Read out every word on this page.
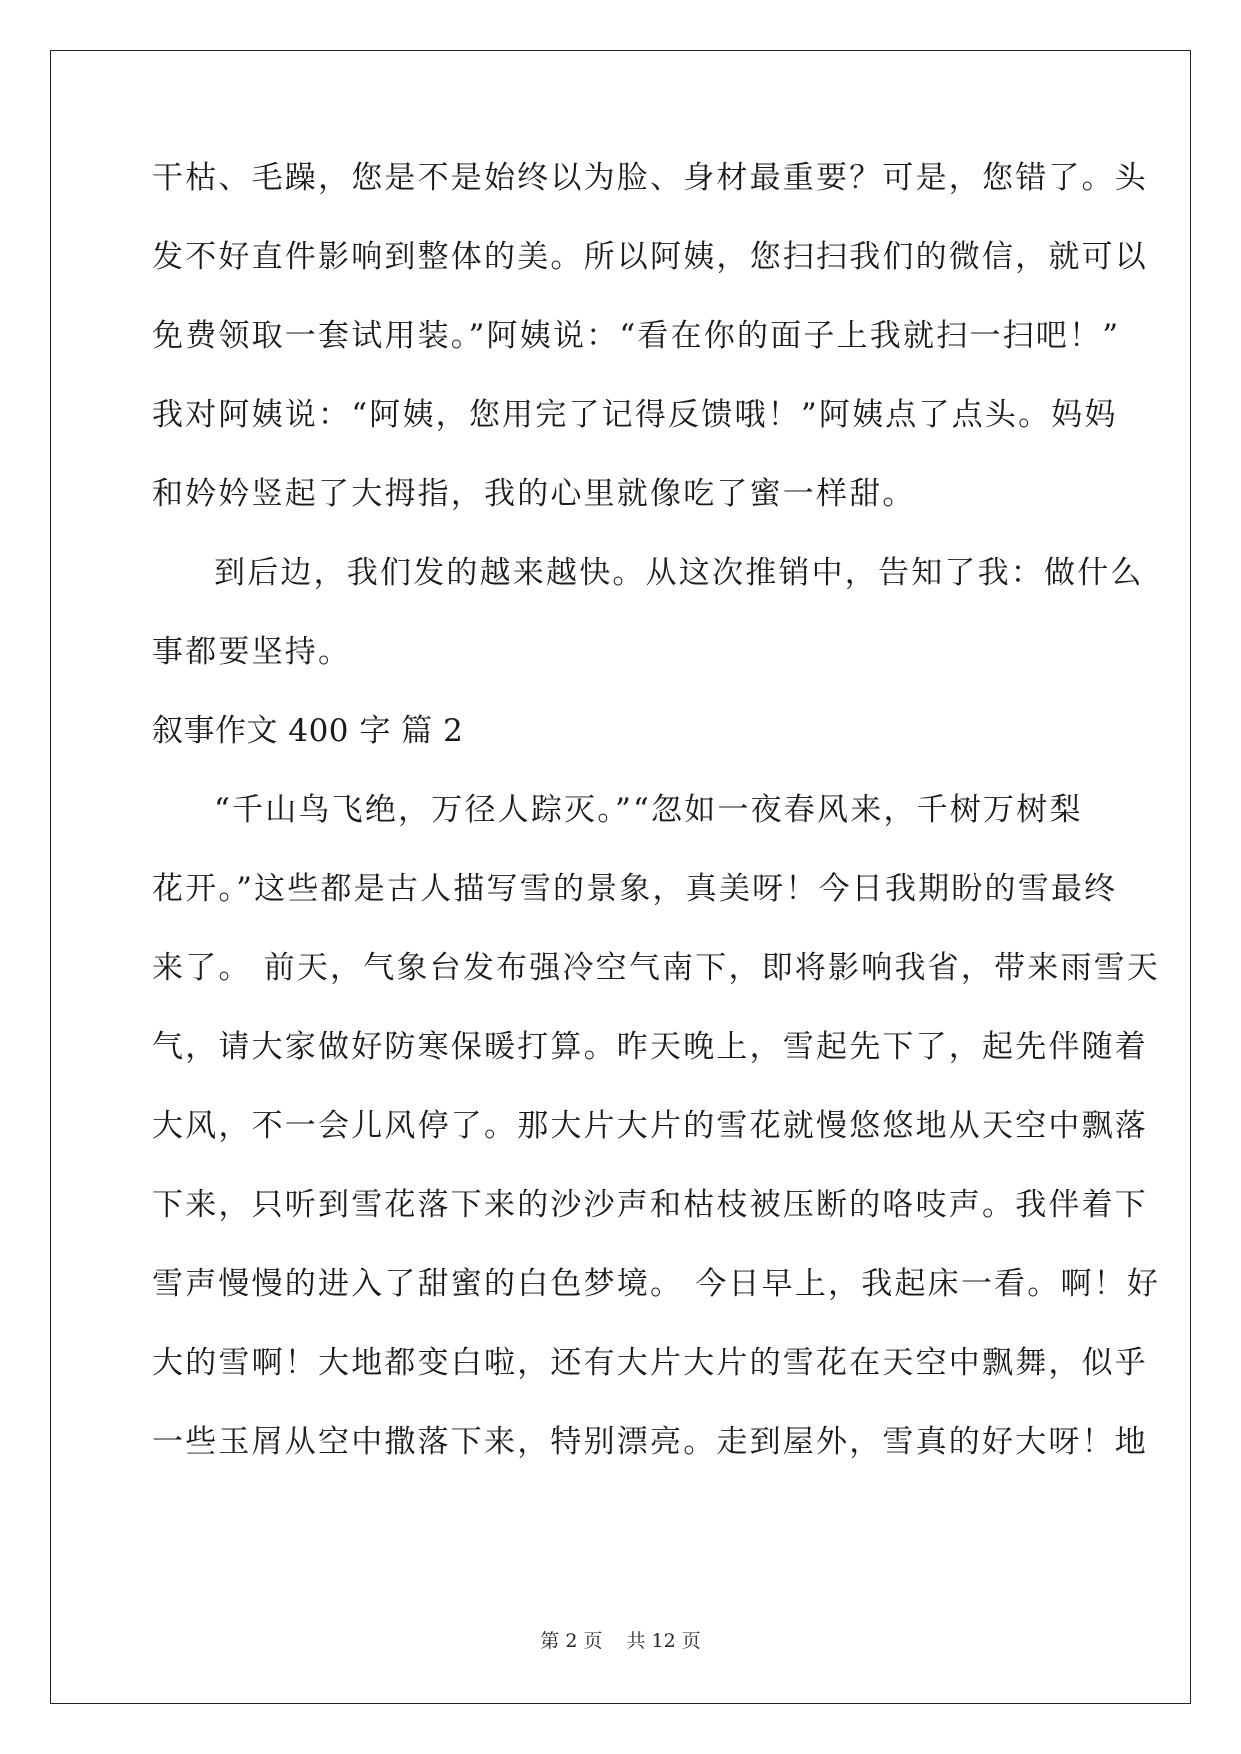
干枯、毛躁，您是不是始终以为脸、身材最重要？可是，您错了。头
发不好直件影响到整体的美。所以阿姨，您扫扫我们的微信，就可以
免费领取一套试用装。”阿姨说：“看在你的面子上我就扫一扫吧！”
我对阿姨说：“阿姨，您用完了记得反馈哦！”阿姨点了点头。妈妈
和妗妗竖起了大拇指，我的心里就像吃了蜜一样甜。
到后边，我们发的越来越快。从这次推销中，告知了我：做什么
事都要坚持。
叙事作文 400 字 篇 2
“千山鸟飞绝，万径人踪灭。”“忽如一夜春风来，千树万树梨
花开。”这些都是古人描写雪的景象，真美呀！今日我期盼的雪最终
来了。 前天，气象台发布强冷空气南下，即将影响我省，带来雨雪天
气，请大家做好防寒保暖打算。昨天晚上，雪起先下了，起先伴随着
大风，不一会儿风停了。那大片大片的雪花就慢悠悠地从天空中飘落
下来，只听到雪花落下来的沙沙声和枯枝被压断的咯吱声。我伴着下
雪声慢慢的进入了甜蜜的白色梦境。 今日早上，我起床一看。啊！好
大的雪啊！大地都变白啦，还有大片大片的雪花在天空中飘舞，似乎
一些玉屑从空中撒落下来，特别漂亮。走到屋外，雪真的好大呀！地
第 2 页 共 12 页
